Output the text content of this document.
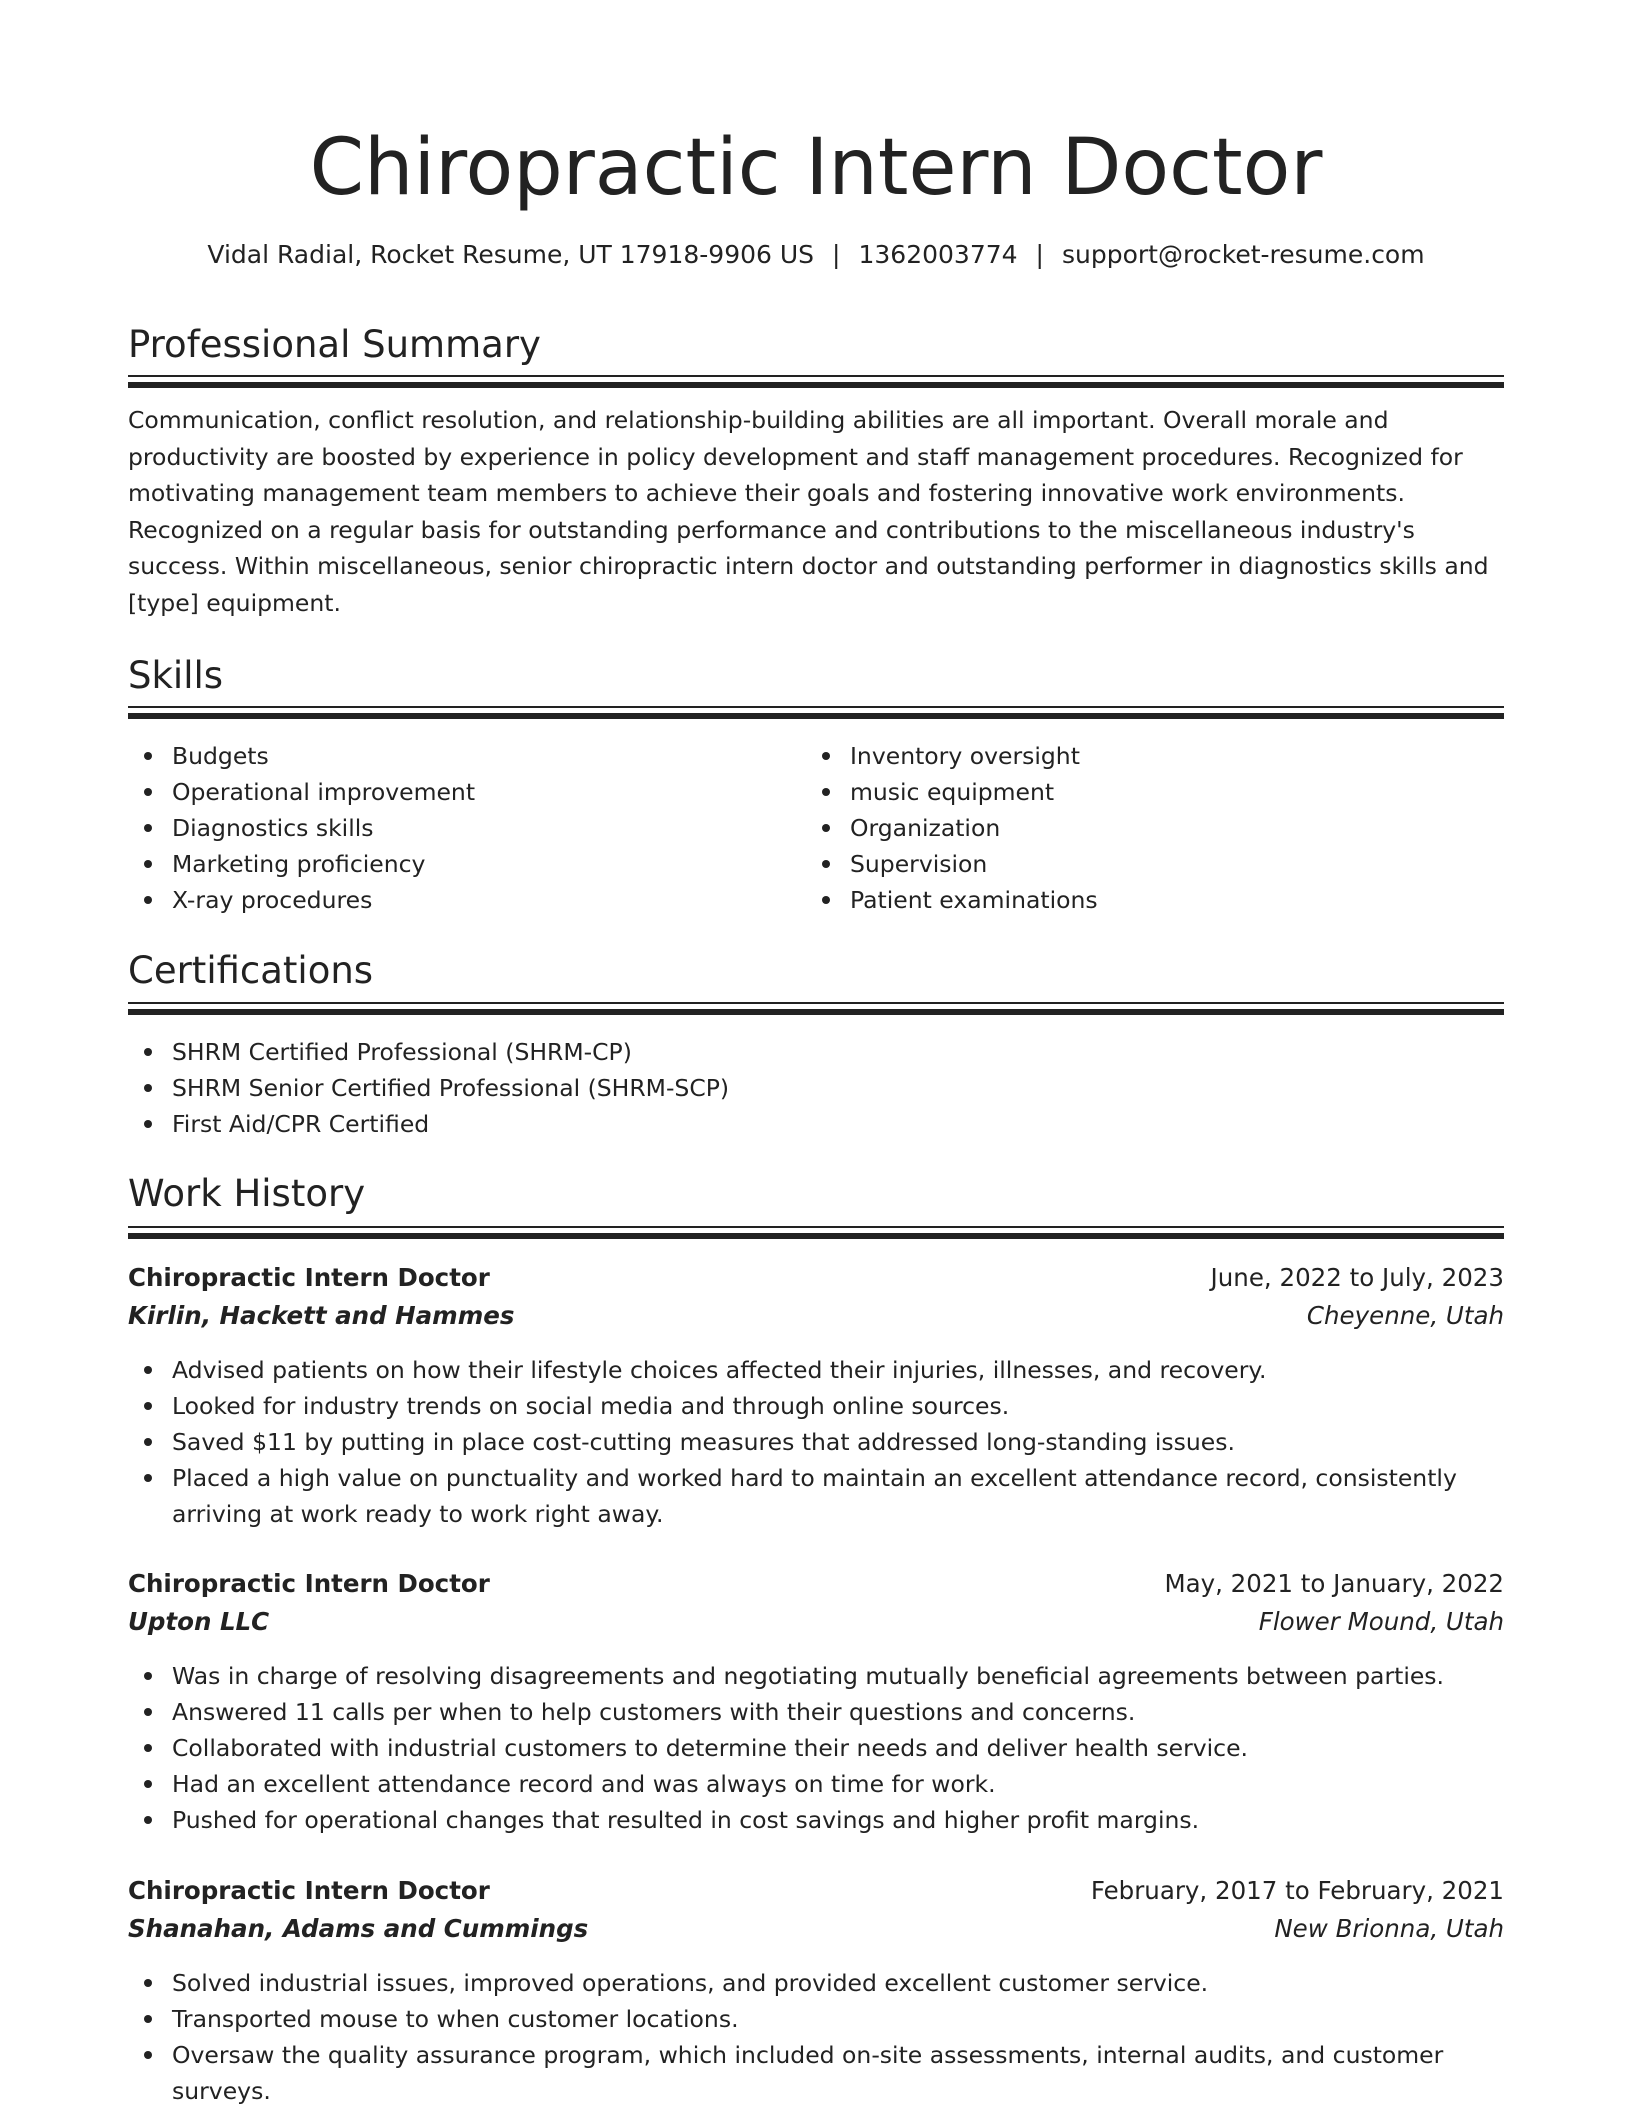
Chiropractic Intern Doctor
Vidal Radial, Rocket Resume, UT 17918-9906 US | 1362003774 | support@rocket-resume.com
Professional Summary

Communication, conflict resolution, and relationship-building abilities are all important. Overall morale and productivity are boosted by experience in policy development and staff management procedures. Recognized for motivating management team members to achieve their goals and fostering innovative work environments. Recognized on a regular basis for outstanding performance and contributions to the miscellaneous industry's success. Within miscellaneous, senior chiropractic intern doctor and outstanding performer in diagnostics skills and [type] equipment.

Skills
Budgets
Operational improvement
Diagnostics skills
Marketing proficiency
X-ray procedures
Inventory oversight
music equipment
Organization
Supervision
Patient examinations
Certifications
SHRM Certified Professional (SHRM-CP)
SHRM Senior Certified Professional (SHRM-SCP)
First Aid/CPR Certified
Work History
Chiropractic Intern Doctor	June, 2022 to July, 2023
Kirlin, Hackett and Hammes	Cheyenne, Utah
Advised patients on how their lifestyle choices affected their injuries, illnesses, and recovery.
Looked for industry trends on social media and through online sources.
Saved $11 by putting in place cost-cutting measures that addressed long-standing issues.
Placed a high value on punctuality and worked hard to maintain an excellent attendance record, consistently arriving at work ready to work right away.
Chiropractic Intern Doctor	May, 2021 to January, 2022
Upton LLC	Flower Mound, Utah
Was in charge of resolving disagreements and negotiating mutually beneficial agreements between parties.
Answered 11 calls per when to help customers with their questions and concerns.
Collaborated with industrial customers to determine their needs and deliver health service.
Had an excellent attendance record and was always on time for work.
Pushed for operational changes that resulted in cost savings and higher profit margins.
Chiropractic Intern Doctor	February, 2017 to February, 2021
Shanahan, Adams and Cummings	New Brionna, Utah
Solved industrial issues, improved operations, and provided excellent customer service.
Transported mouse to when customer locations.
Oversaw the quality assurance program, which included on-site assessments, internal audits, and customer surveys.
